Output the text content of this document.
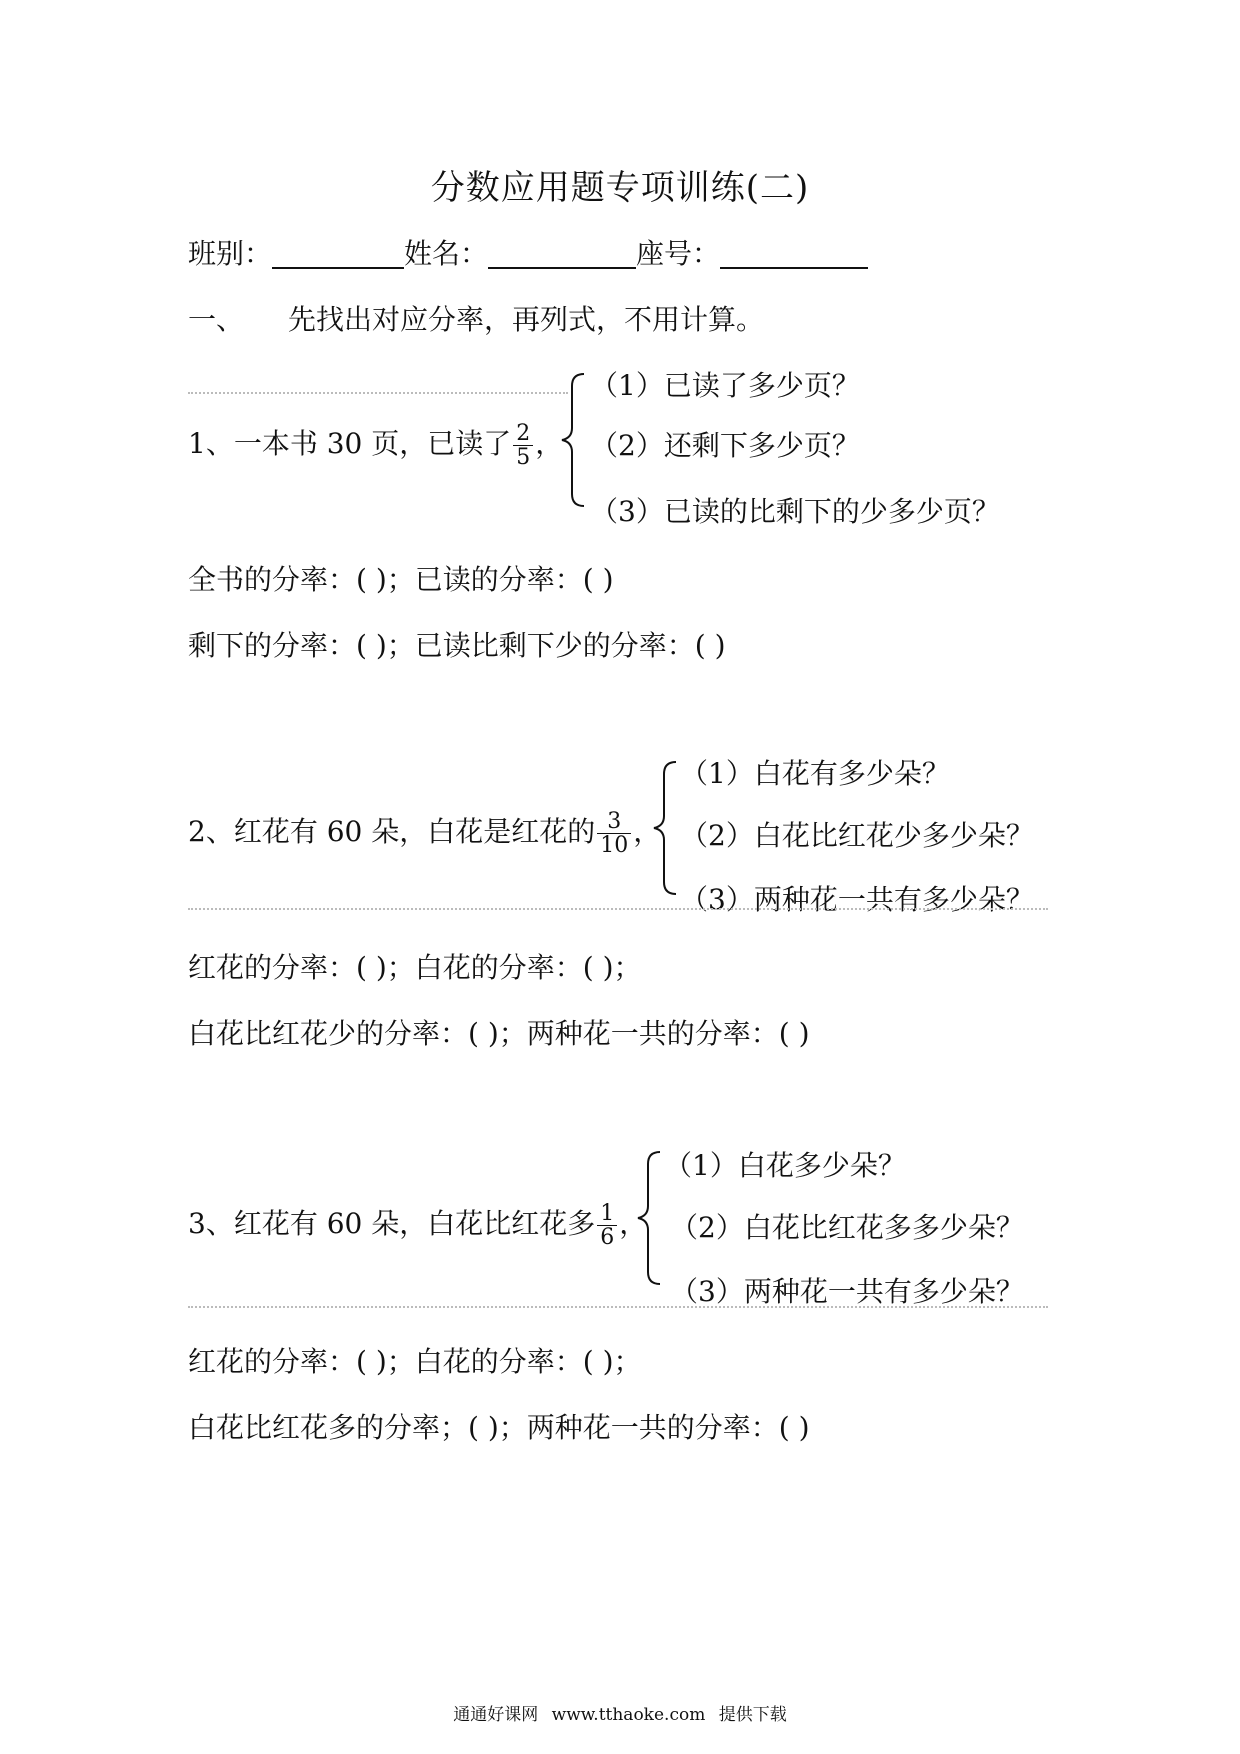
分数应用题专项训练(二)
班别：	姓名：	座号：
一、 先找出对应分率，再列式，不用计算。
1、一本书 30 页，已读了 $\frac{2}{5}$ ，
（1）已读了多少页？
（2）还剩下多少页？
（3）已读的比剩下的少多少页？
全书的分率：( )；已读的分率：( )
剩下的分率：( )；已读比剩下少的分率：( )
2、红花有 60 朵，白花是红花的 $\frac{3}{10}$ ，
（1）白花有多少朵？
（2）白花比红花少多少朵？
（3）两种花一共有多少朵？
红花的分率：( )；白花的分率：( )；
白花比红花少的分率：( )；两种花一共的分率：( )
3、红花有 60 朵，白花比红花多 $\frac{1}{6}$ ，
（1）白花多少朵？
（2）白花比红花多多少朵？
（3）两种花一共有多少朵？
红花的分率：( )；白花的分率：( )；
白花比红花多的分率；( )；两种花一共的分率：( )
通通好课网 www.tthaoke.com 提供下载
